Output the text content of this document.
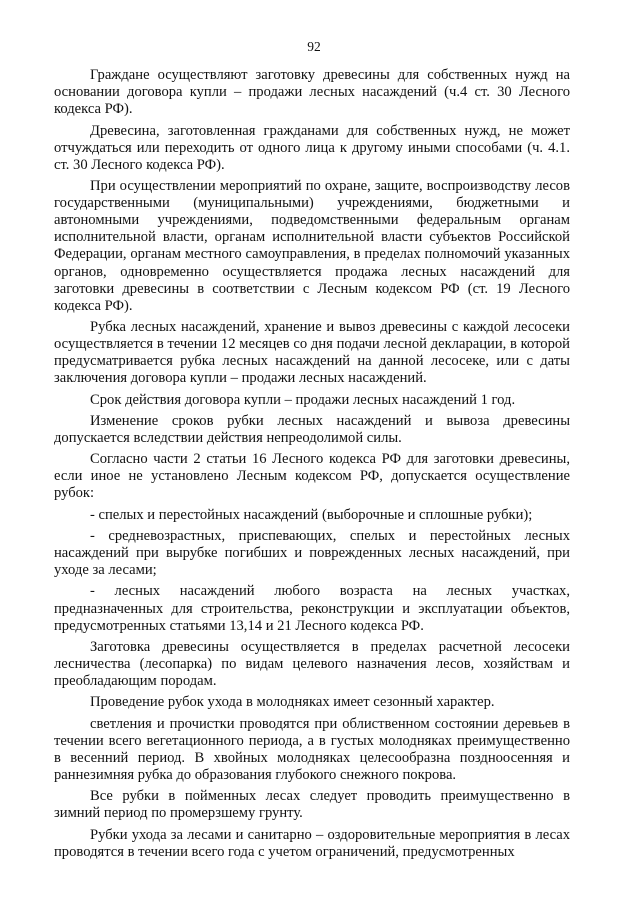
92

Граждане осуществляют заготовку древесины для собственных нужд на основании договора купли – продажи лесных насаждений (ч.4 ст. 30 Лесного кодекса РФ).

Древесина, заготовленная гражданами для собственных нужд, не может отчуждаться или переходить от одного лица к другому иными способами (ч. 4.1. ст. 30 Лесного кодекса РФ).

При осуществлении мероприятий по охране, защите, воспроизводству лесов государственными (муниципальными) учреждениями, бюджетными и автономными учреждениями, подведомственными федеральным органам исполнительной власти, органам исполнительной власти субъектов Российской Федерации, органам местного самоуправления, в пределах полномочий указанных органов, одновременно осуществляется продажа лесных насаждений для заготовки древесины в соответствии с Лесным кодексом РФ (ст. 19 Лесного кодекса РФ).

Рубка лесных насаждений, хранение и вывоз древесины с каждой лесосеки осуществляется в течении 12 месяцев со дня подачи лесной декларации, в которой предусматривается рубка лесных насаждений на данной лесосеке, или с даты заключения договора купли – продажи лесных насаждений.

Срок действия договора купли – продажи лесных насаждений 1 год.

Изменение сроков рубки лесных насаждений и вывоза древесины допускается вследствии действия непреодолимой силы.

Согласно части 2 статьи 16 Лесного кодекса РФ для заготовки древесины, если иное не установлено Лесным кодексом РФ, допускается осуществление рубок:

- спелых и перестойных насаждений (выборочные и сплошные рубки);

- средневозрастных, приспевающих, спелых и перестойных лесных насаждений при вырубке погибших и поврежденных лесных насаждений, при уходе за лесами;

- лесных насаждений любого возраста на лесных участках, предназначенных для строительства, реконструкции и эксплуатации объектов, предусмотренных статьями 13,14 и 21 Лесного кодекса РФ.

Заготовка древесины осуществляется в пределах расчетной лесосеки лесничества (лесопарка) по видам целевого назначения лесов, хозяйствам и преобладающим породам.

Проведение рубок ухода в молодняках имеет сезонный характер.

светления и прочистки проводятся при облиственном состоянии деревьев в течении всего вегетационного периода, а в густых молодняках преимущественно в весенний период. В хвойных молодняках целесообразна поздноосенняя и раннезимняя рубка до образования глубокого снежного покрова.

Все рубки в пойменных лесах следует проводить преимущественно в зимний период по промерзшему грунту.

Рубки ухода за лесами и санитарно – оздоровительные мероприятия в лесах проводятся в течении всего года с учетом ограничений, предусмотренных
